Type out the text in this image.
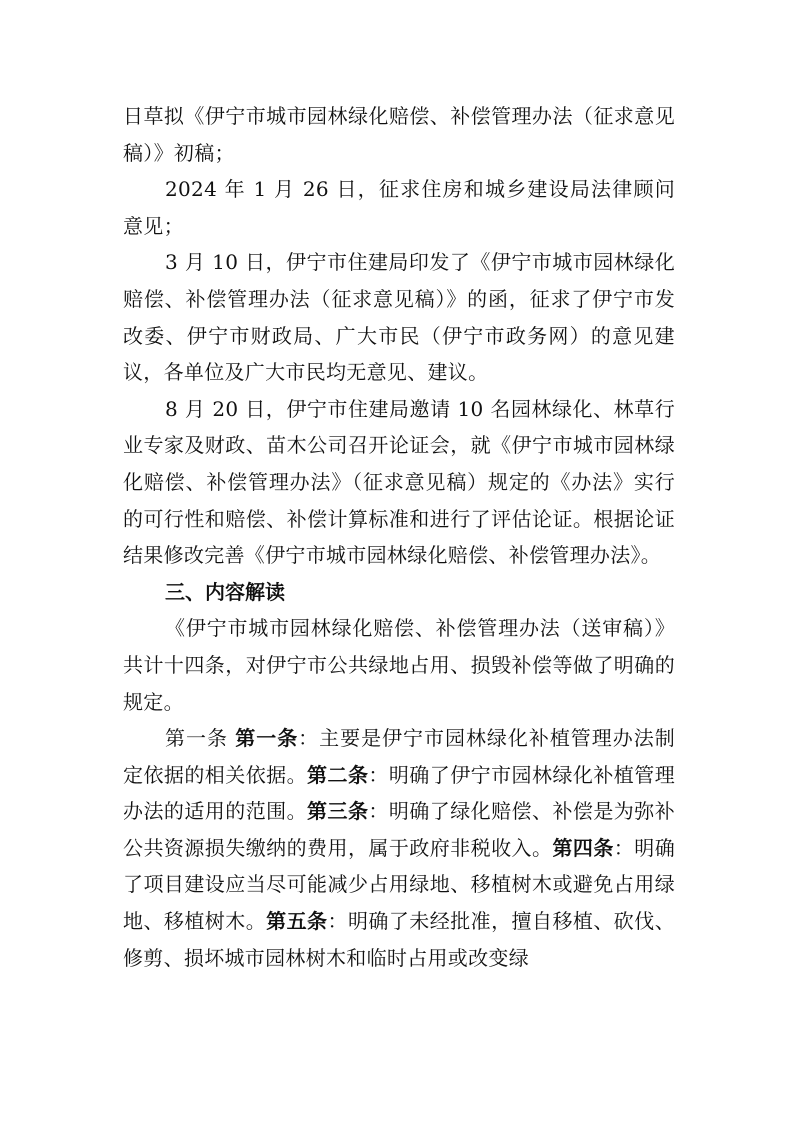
日草拟《伊宁市城市园林绿化赔偿、补偿管理办法（征求意见稿）》初稿；

2024 年 1 月 26 日，征求住房和城乡建设局法律顾问意见；

3 月 10 日，伊宁市住建局印发了《伊宁市城市园林绿化赔偿、补偿管理办法（征求意见稿）》的函，征求了伊宁市发改委、伊宁市财政局、广大市民（伊宁市政务网）的意见建议，各单位及广大市民均无意见、建议。

8 月 20 日，伊宁市住建局邀请 10 名园林绿化、林草行业专家及财政、苗木公司召开论证会，就《伊宁市城市园林绿化赔偿、补偿管理办法》（征求意见稿）规定的《办法》实行的可行性和赔偿、补偿计算标准和进行了评估论证。根据论证结果修改完善《伊宁市城市园林绿化赔偿、补偿管理办法》。

三、内容解读

《伊宁市城市园林绿化赔偿、补偿管理办法（送审稿）》共计十四条，对伊宁市公共绿地占用、损毁补偿等做了明确的规定。

第一条 第一条：主要是伊宁市园林绿化补植管理办法制定依据的相关依据。第二条：明确了伊宁市园林绿化补植管理办法的适用的范围。第三条：明确了绿化赔偿、补偿是为弥补公共资源损失缴纳的费用，属于政府非税收入。第四条：明确了项目建设应当尽可能减少占用绿地、移植树木或避免占用绿地、移植树木。第五条：明确了未经批准，擅自移植、砍伐、修剪、损坏城市园林树木和临时占用或改变绿
